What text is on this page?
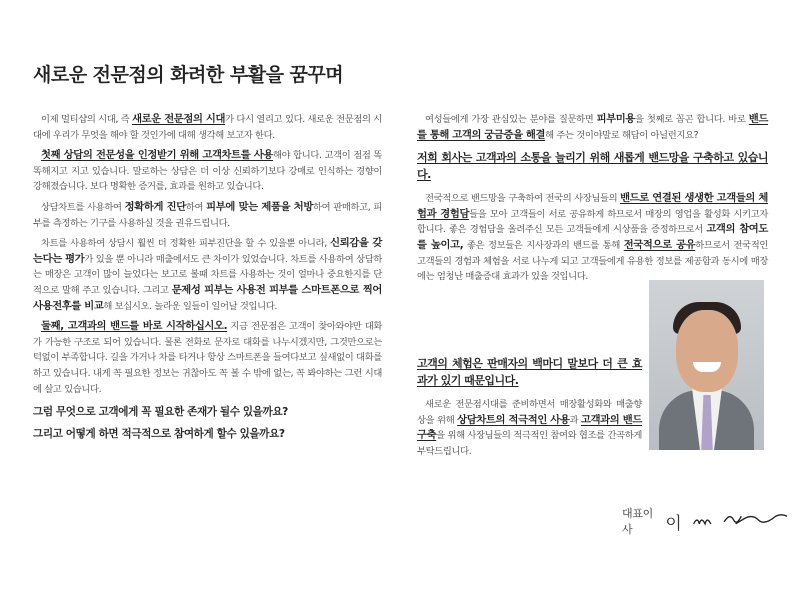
새로운 전문점의 화려한 부활을 꿈꾸며

이제 멀티샵의 시대, 즉 새로운 전문점의 시대가 다시 열리고 있다. 새로운 전문점의 시대에 우리가 무엇을 해야 할 것인가에 대해 생각해 보고자 한다.

첫째 상담의 전문성을 인정받기 위해 고객차트를 사용해야 합니다. 고객이 점점 똑똑해지고 지고 있습니다. 말로하는 상담은 더 이상 신뢰하기보다 강매로 인식하는 경향이 강해졌습니다. 보다 명확한 증거를, 효과를 원하고 있습니다.

상담차트를 사용하여 정확하게 진단하여 피부에 맞는 제품을 처방하여 판매하고, 피부를 측정하는 기구를 사용하실 것을 권유드립니다.

차트를 사용하여 상담시 훨씬 더 정확한 피부진단을 할 수 있을뿐 아니라, 신뢰감을 갖는다는 평가가 있을 뿐 아니라 매출에서도 큰 차이가 있었습니다. 차트를 사용하여 상담하는 매장은 고객이 많이 늘었다는 보고로 볼때 차트를 사용하는 것이 얼마나 중요한지를 단적으로 말해 주고 있습니다. 그리고 문제성 피부는 사용전 피부를 스마트폰으로 찍어 사용전후를 비교해 보십시오. 놀라운 일들이 일어날 것입니다.

둘째, 고객과의 밴드를 바로 시작하십시오. 지금 전문점은 고객이 찾아와야만 대화가 가능한 구조로 되어 있습니다. 물론 전화로 문자로 대화를 나누시겠지만, 그것만으로는 턱없이 부족합니다. 길을 가거나 차를 타거나 항상 스마트폰을 들여다보고 싶새없이 대화를 하고 있습니다. 내게 꼭 필요한 정보는 귀찮아도 꼭 볼 수 밖에 없는, 꼭 봐야하는 그런 시대에 살고 있습니다.

그럼 무엇으로 고객에게 꼭 필요한 존재가 될수 있을까요?

그리고 어떻게 하면 적극적으로 참여하게 할수 있을까요?

여성들에게 가장 관심있는 분야를 질문하면 피부미용을 첫째로 꼽곤 합니다. 바로 밴드를 통해 고객의 궁금증을 해결해 주는 것이야말로 해답이 아닐런지요?

저희 회사는 고객과의 소통을 늘리기 위해 새롭게 밴드망을 구축하고 있습니다.

전국적으로 밴드망을 구축하여 전국의 사장님들의 밴드로 연결된 생생한 고객들의 체험과 경험담들을 모아 고객들이 서로 공유하게 하므로서 매장의 영업을 활성화 시키고자 합니다. 좋은 경험담을 올려주신 모든 고객들에게 시상품을 증정하므로서 고객의 참여도를 높이고, 좋은 정보들은 지사장과의 밴드를 통해 전국적으로 공유하므로서 전국적인 고객들의 경험과 체험을 서로 나누게 되고 고객들에게 유용한 정보를 제공함과 동시에 매장에는 엄청난 매출증대 효과가 있을 것입니다.

고객의 체험은 판매자의 백마디 말보다 더 큰 효과가 있기 때문입니다.

새로운 전문점시대를 준비하면서 매장활성화와 매출향상을 위해 상담차트의 적극적인 사용과 고객과의 밴드구축을 위해 사장님들의 적극적인 참여와 협조를 간곡하게 부탁드립니다.

대표이사	이
